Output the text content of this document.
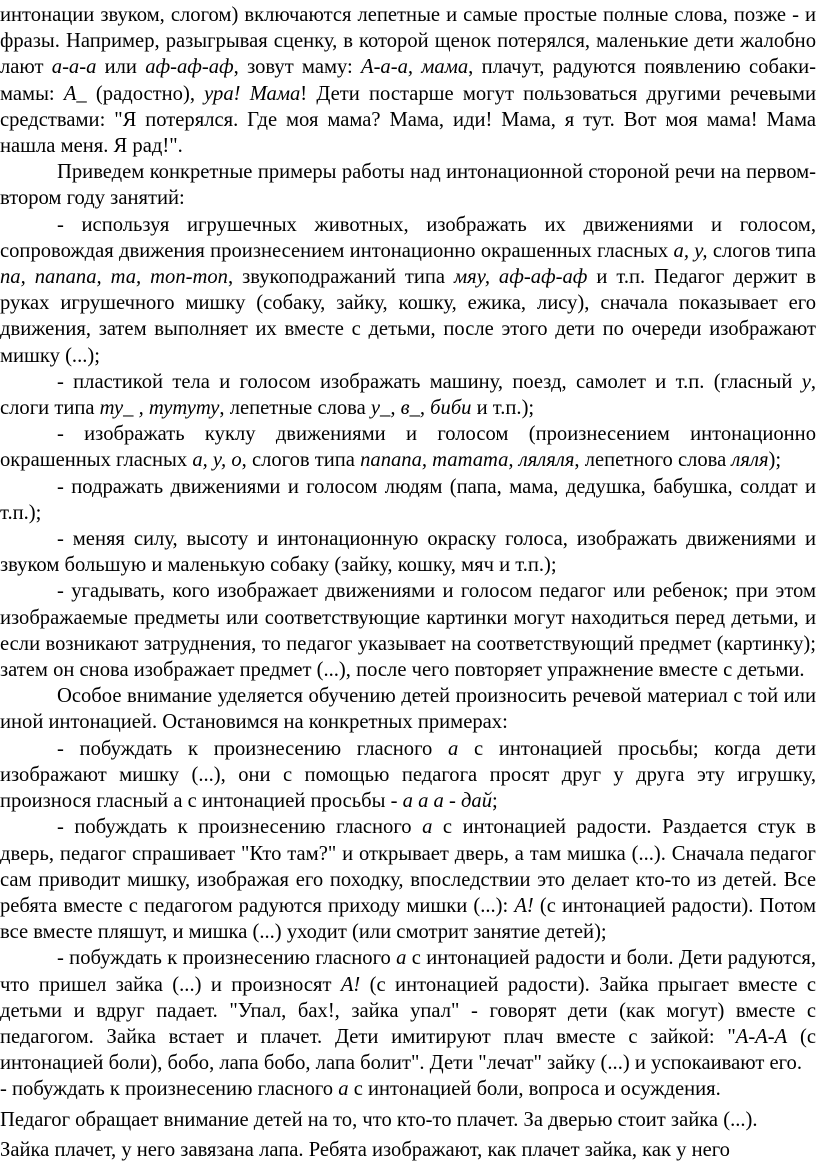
интонации звуком, слогом) включаются лепетные и самые простые полные слова, позже - и фразы. Например, разыгрывая сценку, в которой щенок потерялся, маленькие дети жалобно лают а-а-а или аф-аф-аф, зовут маму: А-а-а, мама, плачут, радуются появлению собаки-мамы: А_ (радостно), ура! Мама! Дети постарше могут пользоваться другими речевыми средствами: "Я потерялся. Где моя мама? Мама, иди! Мама, я тут. Вот моя мама! Мама нашла меня. Я рад!".

Приведем конкретные примеры работы над интонационной стороной речи на первом-втором году занятий:

- используя игрушечных животных, изображать их движениями и голосом, сопровождая движения произнесением интонационно окрашенных гласных а, у, слогов типа па, папапа, та, топ-топ, звукоподражаний типа мяу, аф-аф-аф и т.п. Педагог держит в руках игрушечного мишку (собаку, зайку, кошку, ежика, лису), сначала показывает его движения, затем выполняет их вместе с детьми, после этого дети по очереди изображают мишку (...);

- пластикой тела и голосом изображать машину, поезд, самолет и т.п. (гласный у, слоги типа ту_ , тутуту, лепетные слова у_, в_, биби и т.п.);

- изображать куклу движениями и голосом (произнесением интонационно окрашенных гласных а, у, о, слогов типа папапа, татата, ляляля, лепетного слова ляля);

- подражать движениями и голосом людям (папа, мама, дедушка, бабушка, солдат и т.п.);

- меняя силу, высоту и интонационную окраску голоса, изображать движениями и звуком большую и маленькую собаку (зайку, кошку, мяч и т.п.);

- угадывать, кого изображает движениями и голосом педагог или ребенок; при этом изображаемые предметы или соответствующие картинки могут находиться перед детьми, и если возникают затруднения, то педагог указывает на соответствующий предмет (картинку); затем он снова изображает предмет (...), после чего повторяет упражнение вместе с детьми.

Особое внимание уделяется обучению детей произносить речевой материал с той или иной интонацией. Остановимся на конкретных примерах:

- побуждать к произнесению гласного а с интонацией просьбы; когда дети изображают мишку (...), они с помощью педагога просят друг у друга эту игрушку, произнося гласный а с интонацией просьбы - а а а - дай;

- побуждать к произнесению гласного а с интонацией радости. Раздается стук в дверь, педагог спрашивает "Кто там?" и открывает дверь, а там мишка (...). Сначала педагог сам приводит мишку, изображая его походку, впоследствии это делает кто-то из детей. Все ребята вместе с педагогом радуются приходу мишки (...): А! (с интонацией радости). Потом все вместе пляшут, и мишка (...) уходит (или смотрит занятие детей);

- побуждать к произнесению гласного а с интонацией радости и боли. Дети радуются, что пришел зайка (...) и произносят А! (с интонацией радости). Зайка прыгает вместе с детьми и вдруг падает. "Упал, бах!, зайка упал" - говорят дети (как могут) вместе с педагогом. Зайка встает и плачет. Дети имитируют плач вместе с зайкой: "А-А-А (с интонацией боли), бобо, лапа бобо, лапа болит". Дети "лечат" зайку (...) и успокаивают его.

- побуждать к произнесению гласного а с интонацией боли, вопроса и осуждения.

Педагог обращает внимание детей на то, что кто-то плачет. За дверью стоит зайка (...).

Зайка плачет, у него завязана лапа. Ребята изображают, как плачет зайка, как у него
